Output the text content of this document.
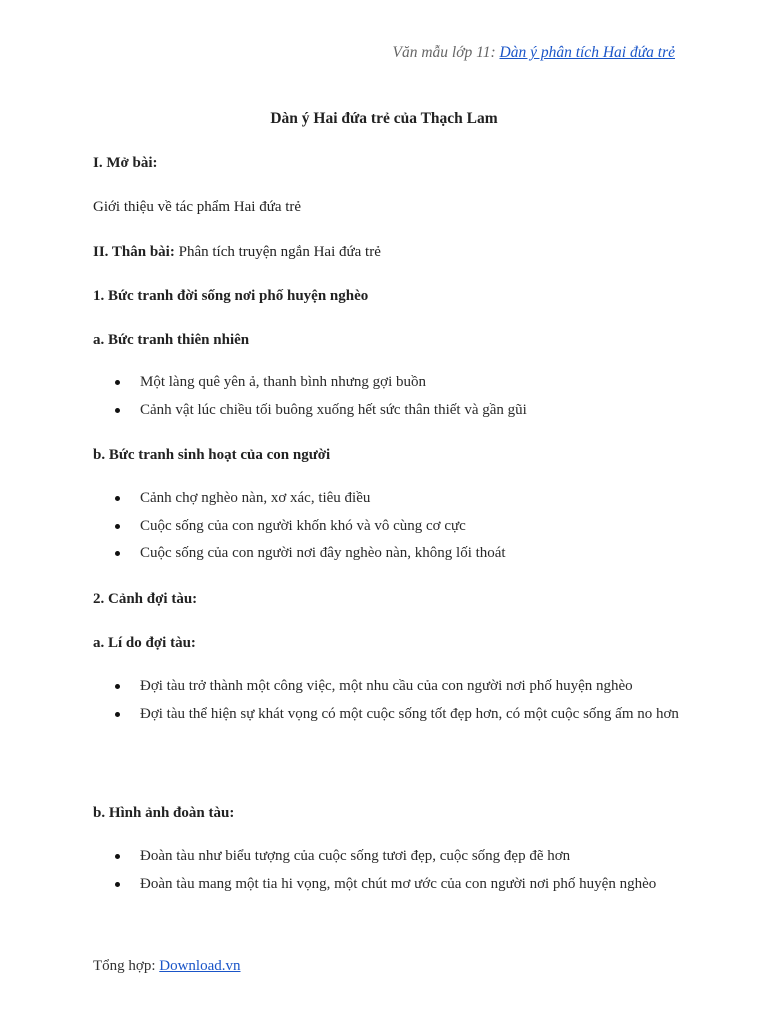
Văn mẫu lớp 11: Dàn ý phân tích Hai đứa trẻ
Dàn ý Hai đứa trẻ của Thạch Lam
I. Mở bài:
Giới thiệu về tác phẩm Hai đứa trẻ
II. Thân bài: Phân tích truyện ngắn Hai đứa trẻ
1. Bức tranh đời sống nơi phố huyện nghèo
a. Bức tranh thiên nhiên
Một làng quê yên ả, thanh bình nhưng gợi buồn
Cảnh vật lúc chiều tối buông xuống hết sức thân thiết và gần gũi
b. Bức tranh sinh hoạt của con người
Cảnh chợ nghèo nàn, xơ xác, tiêu điều
Cuộc sống của con người khốn khó và vô cùng cơ cực
Cuộc sống của con người nơi đây nghèo nàn, không lối thoát
2. Cảnh đợi tàu:
a. Lí do đợi tàu:
Đợi tàu trở thành một công việc, một nhu cầu của con người nơi phố huyện nghèo
Đợi tàu thể hiện sự khát vọng có một cuộc sống tốt đẹp hơn, có một cuộc sống ấm no hơn
b. Hình ảnh đoàn tàu:
Đoàn tàu như biểu tượng của cuộc sống tươi đẹp, cuộc sống đẹp đẽ hơn
Đoàn tàu mang một tia hi vọng, một chút mơ ước của con người nơi phố huyện nghèo
Tổng hợp: Download.vn
